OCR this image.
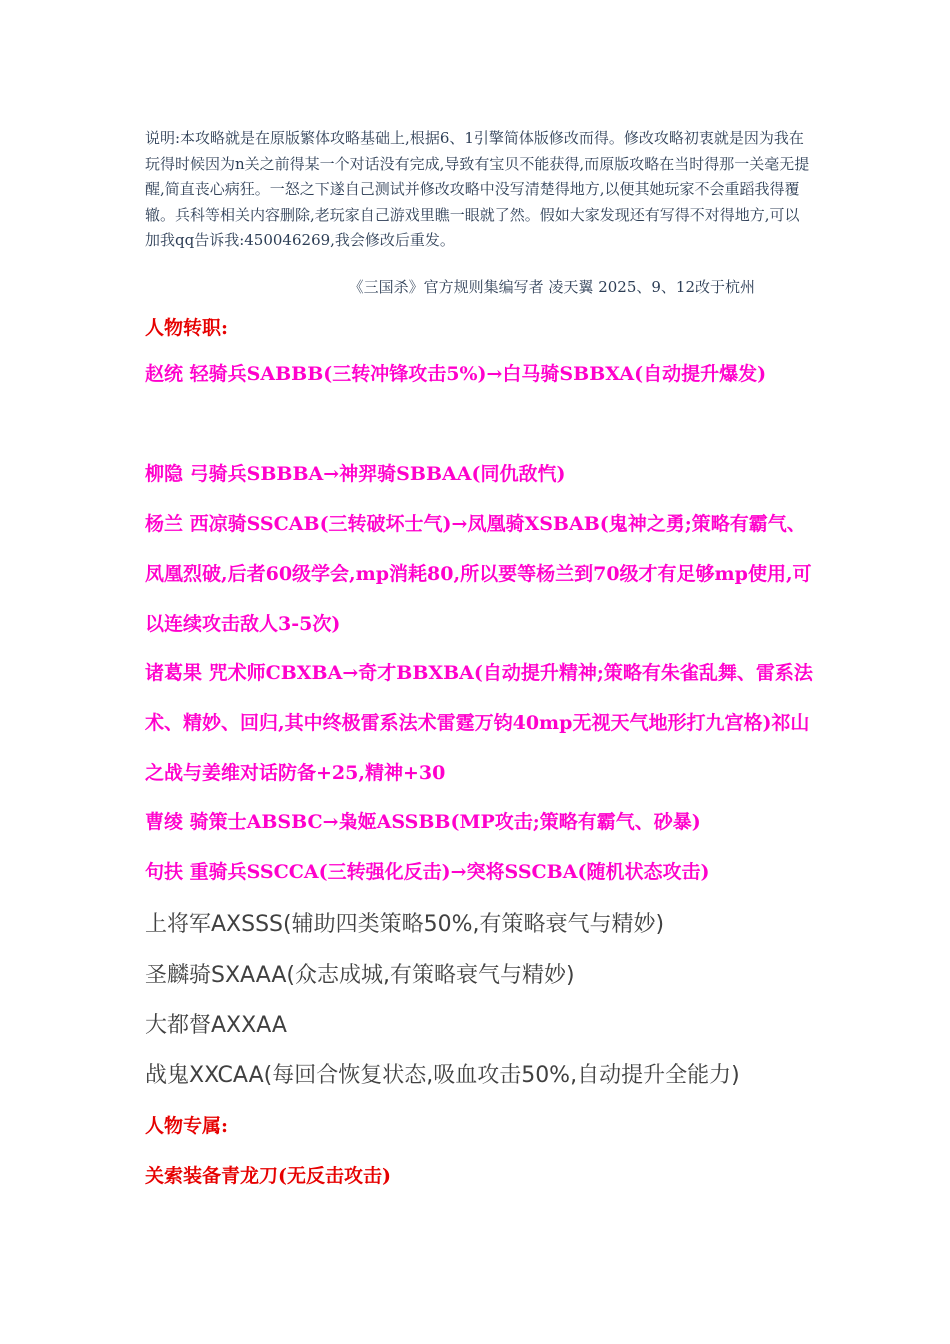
说明:本攻略就是在原版繁体攻略基础上,根据6、1引擎简体版修改而得。修改攻略初衷就是因为我在玩得时候因为n关之前得某一个对话没有完成,导致有宝贝不能获得,而原版攻略在当时得那一关毫无提醒,简直丧心病狂。一怒之下遂自己测试并修改攻略中没写清楚得地方,以便其她玩家不会重蹈我得覆辙。兵科等相关内容删除,老玩家自己游戏里瞧一眼就了然。假如大家发现还有写得不对得地方,可以加我qq告诉我:450046269,我会修改后重发。

《三国杀》官方规则集编写者 凌天翼 2025、9、12改于杭州

人物转职:

赵统 轻骑兵SABBB(三转冲锋攻击5%)→白马骑SBBXA(自动提升爆发)

柳隐 弓骑兵SBBBA→神羿骑SBBAA(同仇敌忾)

杨兰 西凉骑SSCAB(三转破坏士气)→凤凰骑XSBAB(鬼神之勇;策略有霸气、凤凰烈破,后者60级学会,mp消耗80,所以要等杨兰到70级才有足够mp使用,可以连续攻击敌人3-5次)

诸葛果 咒术师CBXBA→奇才BBXBA(自动提升精神;策略有朱雀乱舞、雷系法术、精妙、回归,其中终极雷系法术雷霆万钧40mp无视天气地形打九宫格)祁山之战与姜维对话防备+25,精神+30

曹绫 骑策士ABSBC→枭姬ASSBB(MP攻击;策略有霸气、砂暴)

句扶 重骑兵SSCCA(三转强化反击)→突将SSCBA(随机状态攻击)

上将军AXSSS(辅助四类策略50%,有策略衰气与精妙)

圣麟骑SXAAA(众志成城,有策略衰气与精妙)

大都督AXXAA

战鬼XXCAA(每回合恢复状态,吸血攻击50%,自动提升全能力)

人物专属:

关索装备青龙刀(无反击攻击)
